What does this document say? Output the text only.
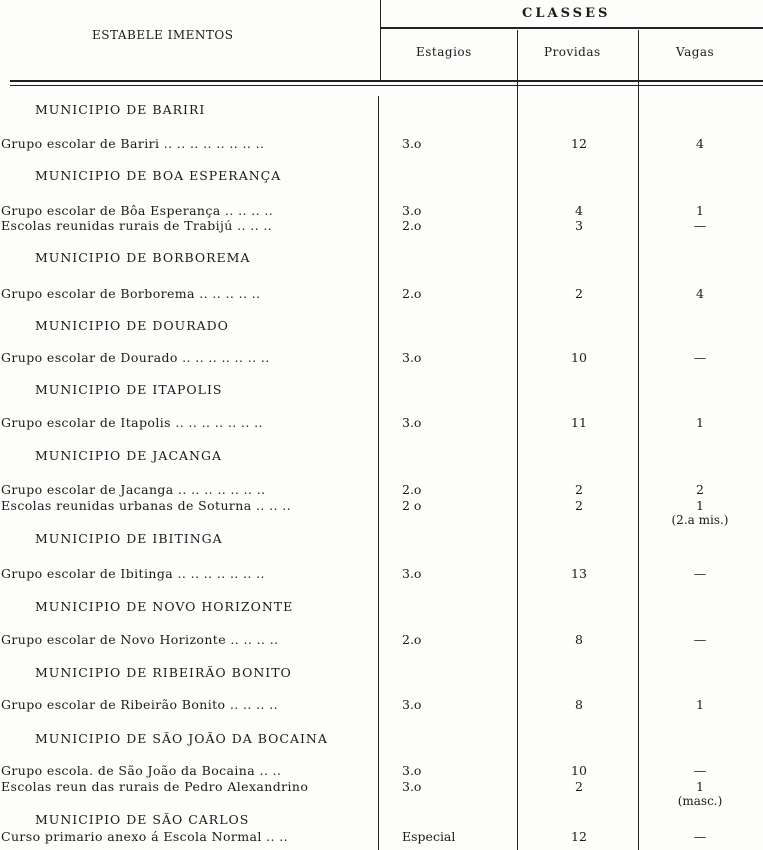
ESTABELE IMENTOS
CLASSES
Estagios	Providas	Vagas
MUNICIPIO DE BARIRI
Grupo escolar de Bariri .. .. .. .. .. .. .. ..	3.o	12	4
MUNICIPIO DE BOA ESPERANÇA
Grupo escolar de Bôa Esperança .. .. .. ..	3.o	4	1
Escolas reunidas rurais de Trabijú .. .. ..	2.o	3	—
MUNICIPIO DE BORBOREMA
Grupo escolar de Borborema .. .. .. .. ..	2.o	2	4
MUNICIPIO DE DOURADO
Grupo escolar de Dourado .. .. .. .. .. .. ..	3.o	10	—
MUNICIPIO DE ITAPOLIS
Grupo escolar de Itapolis .. .. .. .. .. .. ..	3.o	11	1
MUNICIPIO DE JACANGA
Grupo escolar de Jacanga .. .. .. .. .. .. ..	2.o	2	2
Escolas reunidas urbanas de Soturna .. .. ..	2 o	2	1
(2.a mis.)
MUNICIPIO DE IBITINGA
Grupo escolar de Ibitinga .. .. .. .. .. .. ..	3.o	13	—
MUNICIPIO DE NOVO HORIZONTE
Grupo escolar de Novo Horizonte .. .. .. ..	2.o	8	—
MUNICIPIO DE RIBEIRÃO BONITO
Grupo escolar de Ribeirão Bonito .. .. .. ..	3.o	8	1
MUNICIPIO DE SÃO JOÃO DA BOCAINA
Grupo escola. de São João da Bocaina .. ..	3.o	10	—
Escolas reun das rurais de Pedro Alexandrino	3.o	2	1
(masc.)
MUNICIPIO DE SÃO CARLOS
Curso primario anexo á Escola Normal .. ..	Especial	12	—
